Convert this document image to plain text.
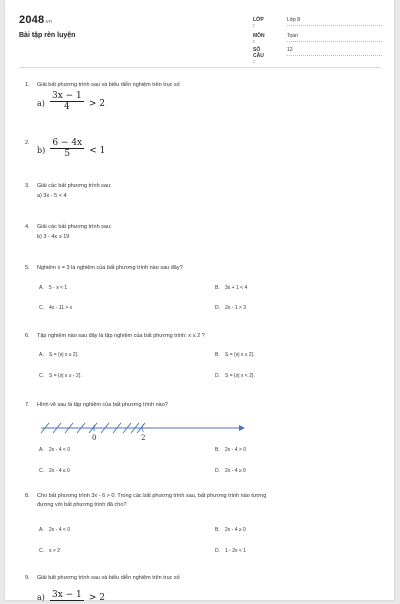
2048.vn
Bài tập rèn luyện
LỚP :
Lớp 8
MÔN :
Toán
SỐ CÂU :
12
1. Giải bất phương trình sau và biểu diễn nghiệm trên trục số
$a) \frac{3x - 1}{4} > 2$
2.
$b) \frac{6 - 4x}{5} < 1$
3. Giải các bất phương trình sau:
a) 3x - 5 < 4
4. Giải các bất phương trình sau:
b) 3 - 4x ≥ 19
5. Nghiệm x = 3 là nghiệm của bất phương trình nào sau đây?
A. 5 - x < 1	B. 3x + 1 < 4
C. 4x - 11 > x	D. 2x - 1 > 3
6. Tập nghiệm nào sau đây là tập nghiệm của bất phương trình: x ≤ 2 ?
A. S = {x| x ≥ 2}.	B. S = {x| x ≤ 2}.
C. S = {x| x ≥ - 2}.	D. S = {x| x < 2}.
7. Hình vẽ sau là tập nghiệm của bất phương trình nào?
0
(
2
A. 2x - 4 < 0	B. 2x - 4 > 0
C. 2x - 4 ≤ 0	D. 2x - 4 ≥ 0
8. Cho bất phương trình 3x - 6 > 0. Trong các bất phương trình sau, bất phương trình nào tương
đương với bất phương trình đã cho?
A. 2x - 4 < 0	B. 2x - 4 ≥ 0
C. x > 2	D. 1 - 2x < 1
9. Giải bất phương trình sau và biểu diễn nghiệm trên trục số
a) 3x − 1 > 2
